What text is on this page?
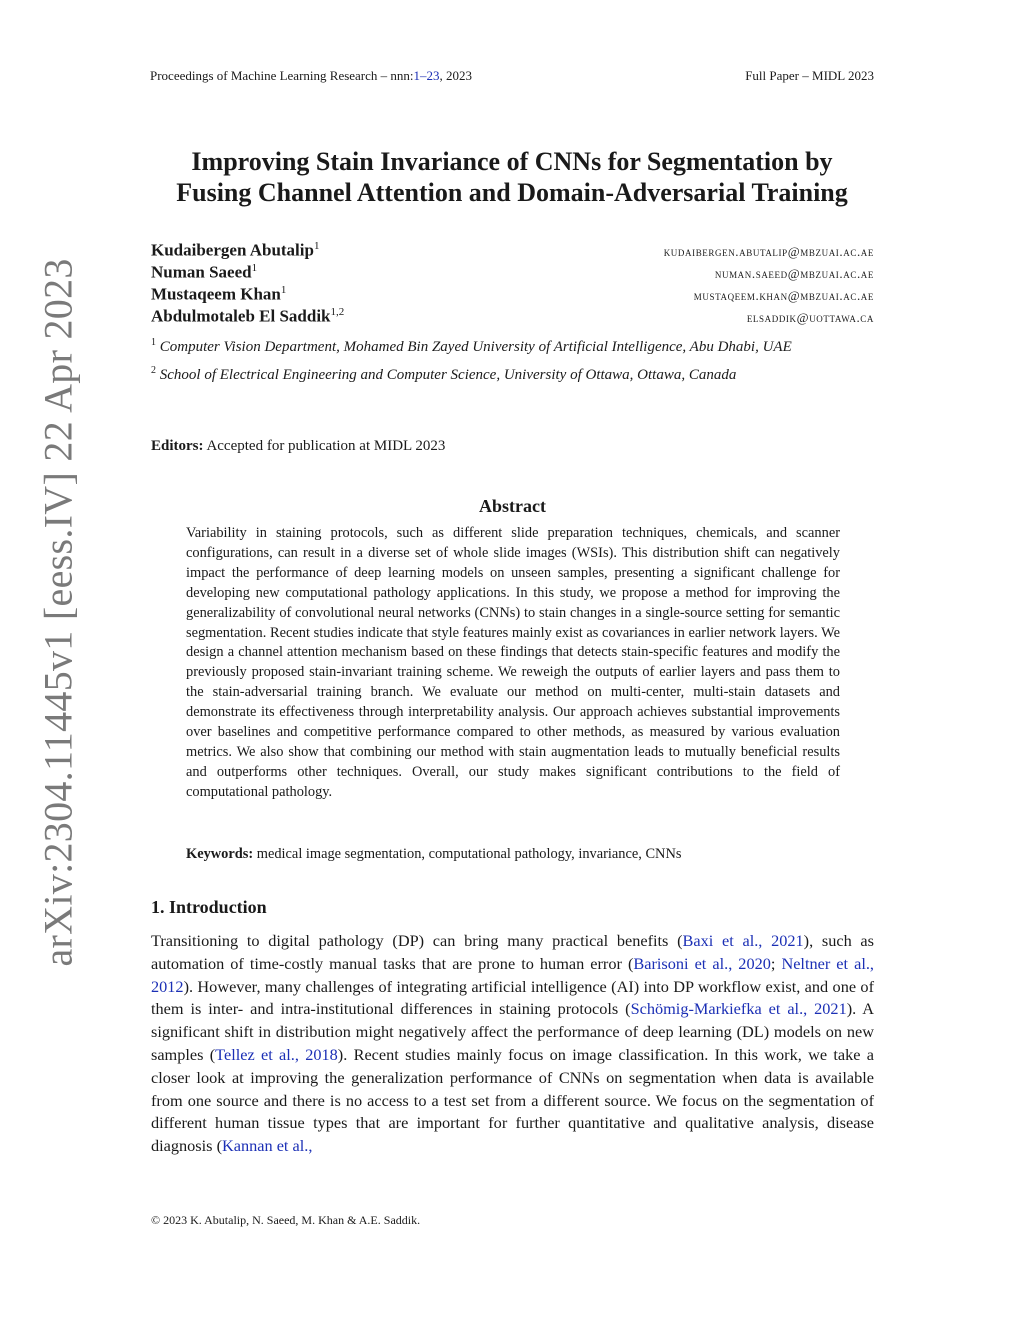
Proceedings of Machine Learning Research – nnn:1–23, 2023	Full Paper – MIDL 2023
arXiv:2304.11445v1 [eess.IV] 22 Apr 2023
Improving Stain Invariance of CNNs for Segmentation by
Fusing Channel Attention and Domain-Adversarial Training
Kudaibergen Abutalip$^1$	kudaibergen.abutalip@mbzuai.ac.ae
Numan Saeed$^1$	numan.saeed@mbzuai.ac.ae
Mustaqeem Khan$^1$	mustaqeem.khan@mbzuai.ac.ae
Abdulmotaleb El Saddik$^{1,2}$	elsaddik@uottawa.ca

$^1$ Computer Vision Department, Mohamed Bin Zayed University of Artificial Intelligence, Abu Dhabi, UAE

$^2$ School of Electrical Engineering and Computer Science, University of Ottawa, Ottawa, Canada

Editors: Accepted for publication at MIDL 2023
Abstract

Variability in staining protocols, such as different slide preparation techniques, chemicals, and scanner configurations, can result in a diverse set of whole slide images (WSIs). This distribution shift can negatively impact the performance of deep learning models on unseen samples, presenting a significant challenge for developing new computational pathology applications. In this study, we propose a method for improving the generalizability of convolutional neural networks (CNNs) to stain changes in a single-source setting for semantic segmentation. Recent studies indicate that style features mainly exist as covariances in earlier network layers. We design a channel attention mechanism based on these findings that detects stain-specific features and modify the previously proposed stain-invariant training scheme. We reweigh the outputs of earlier layers and pass them to the stain-adversarial training branch. We evaluate our method on multi-center, multi-stain datasets and demonstrate its effectiveness through interpretability analysis. Our approach achieves substantial improvements over baselines and competitive performance compared to other methods, as measured by various evaluation metrics. We also show that combining our method with stain augmentation leads to mutually beneficial results and outperforms other techniques. Overall, our study makes significant contributions to the field of computational pathology.

Keywords: medical image segmentation, computational pathology, invariance, CNNs
1. Introduction

Transitioning to digital pathology (DP) can bring many practical benefits (Baxi et al., 2021), such as automation of time-costly manual tasks that are prone to human error (Barisoni et al., 2020; Neltner et al., 2012). However, many challenges of integrating artificial intelligence (AI) into DP workflow exist, and one of them is inter- and intra-institutional differences in staining protocols (Schömig-Markiefka et al., 2021). A significant shift in distribution might negatively affect the performance of deep learning (DL) models on new samples (Tellez et al., 2018). Recent studies mainly focus on image classification. In this work, we take a closer look at improving the generalization performance of CNNs on segmentation when data is available from one source and there is no access to a test set from a different source. We focus on the segmentation of different human tissue types that are important for further quantitative and qualitative analysis, disease diagnosis (Kannan et al.,

© 2023 K. Abutalip, N. Saeed, M. Khan & A.E. Saddik.
